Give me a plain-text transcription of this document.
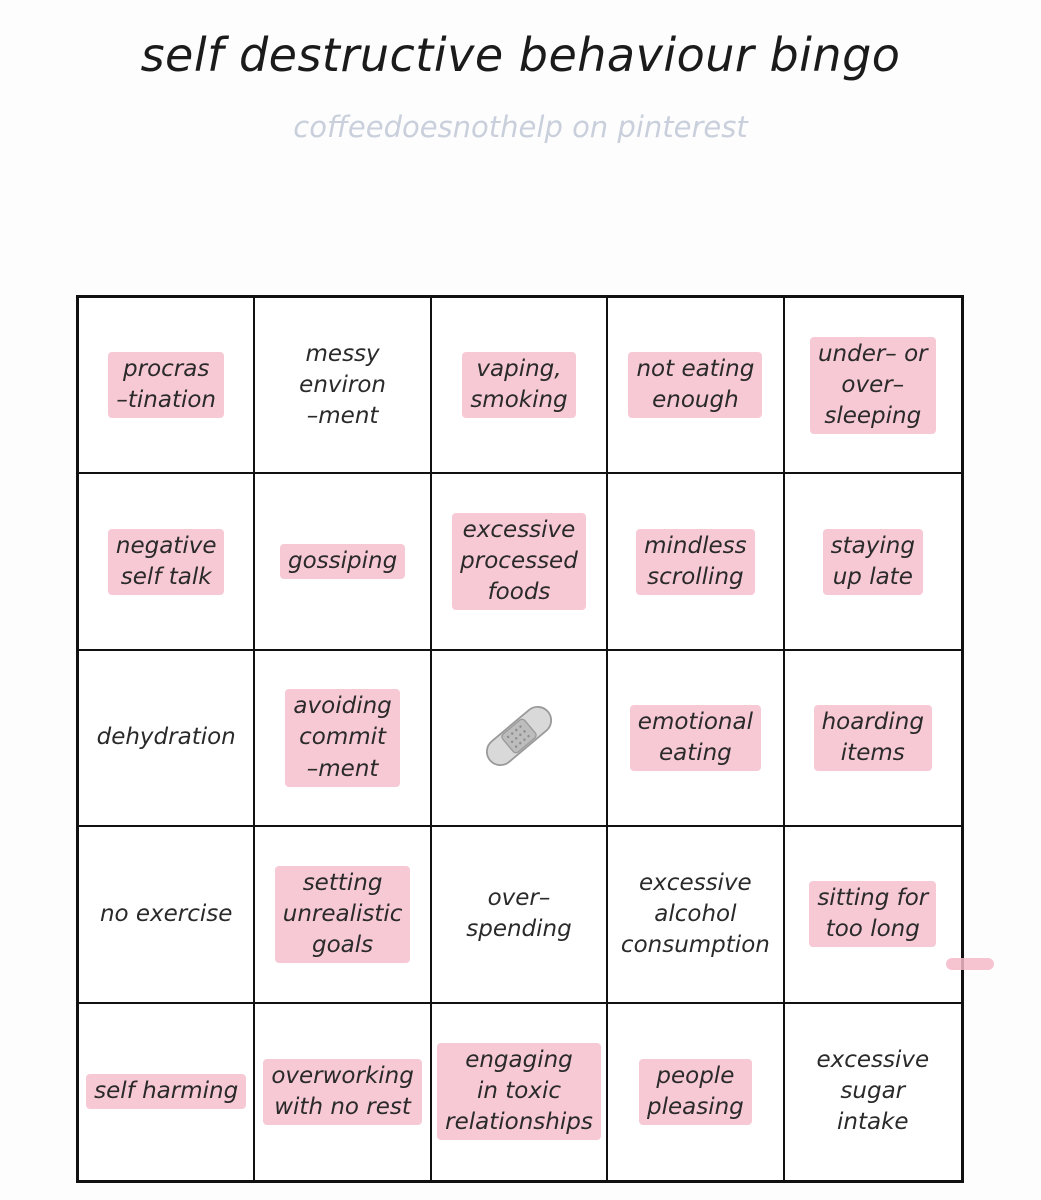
self destructive behaviour bingo
coffeedoesnothelp on pinterest
procras
–tination
messy
environ
–ment
vaping,
smoking
not eating
enough
under– or
over–
sleeping
negative
self talk
gossiping
excessive
processed
foods
mindless
scrolling
staying
up late
dehydration
avoiding
commit
–ment
emotional
eating
hoarding
items
no exercise
setting
unrealistic
goals
over–
spending
excessive
alcohol
consumption
sitting for
too long
self harming
overworking
with no rest
engaging
in toxic
relationships
people
pleasing
excessive
sugar
intake
